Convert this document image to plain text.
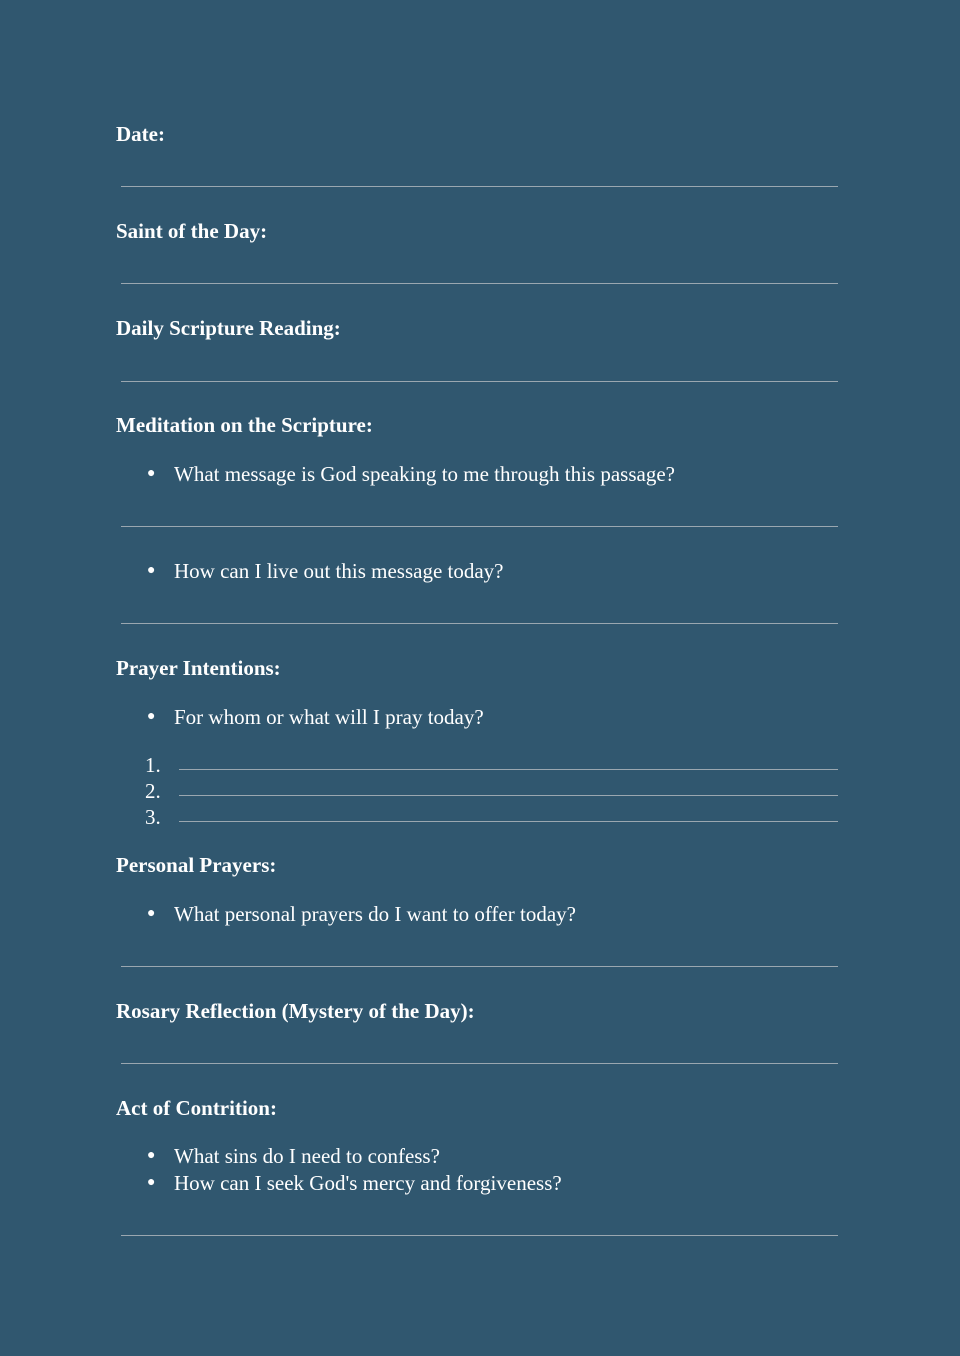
Date:
Saint of the Day:
Daily Scripture Reading:
Meditation on the Scripture:
● What message is God speaking to me through this passage?
● How can I live out this message today?
Prayer Intentions:
● For whom or what will I pray today?
1.
2.
3.
Personal Prayers:
● What personal prayers do I want to offer today?
Rosary Reflection (Mystery of the Day):
Act of Contrition:
● What sins do I need to confess?
● How can I seek God's mercy and forgiveness?
